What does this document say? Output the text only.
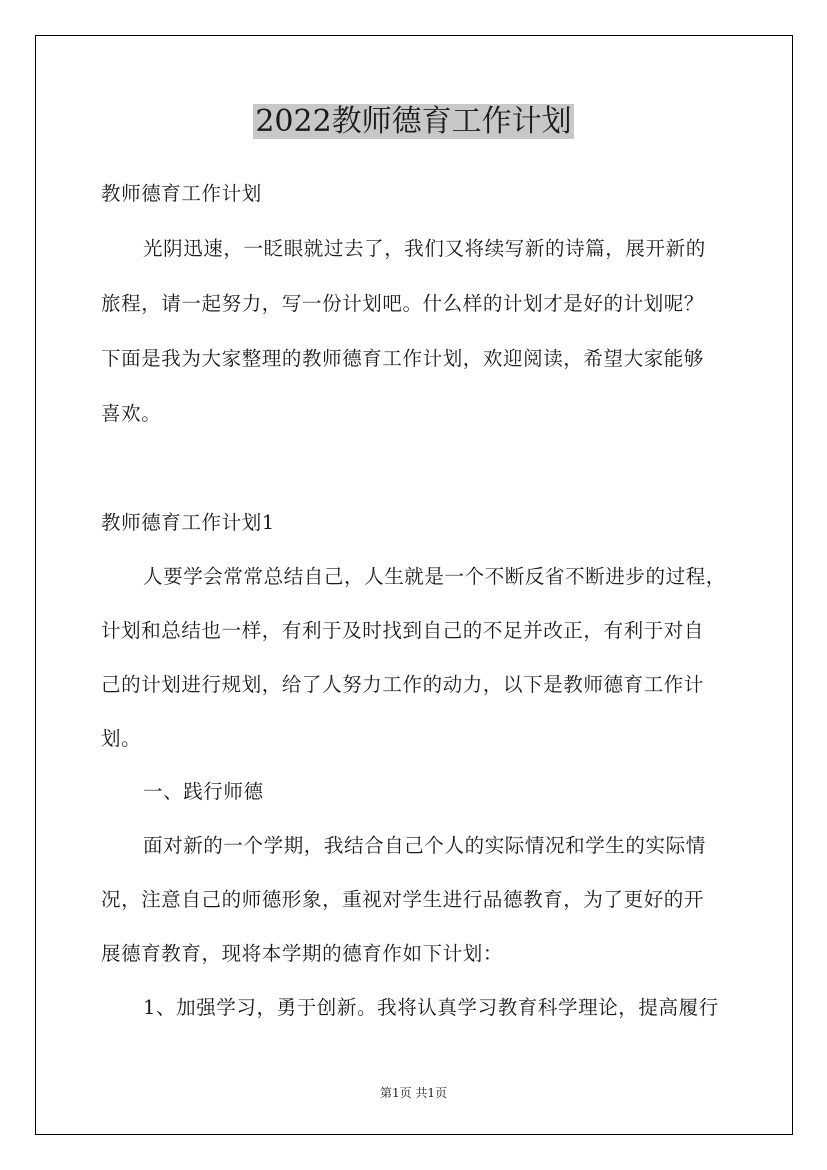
2022教师德育工作计划
教师德育工作计划
光阴迅速，一眨眼就过去了，我们又将续写新的诗篇，展开新的
旅程，请一起努力，写一份计划吧。什么样的计划才是好的计划呢？
下面是我为大家整理的教师德育工作计划，欢迎阅读，希望大家能够
喜欢。
教师德育工作计划1
人要学会常常总结自己，人生就是一个不断反省不断进步的过程，
计划和总结也一样，有利于及时找到自己的不足并改正，有利于对自
己的计划进行规划，给了人努力工作的动力，以下是教师德育工作计
划。
一、践行师德
面对新的一个学期，我结合自己个人的实际情况和学生的实际情
况，注意自己的师德形象，重视对学生进行品德教育，为了更好的开
展德育教育，现将本学期的德育作如下计划：
1、加强学习，勇于创新。我将认真学习教育科学理论，提高履行
第1页 共1页
